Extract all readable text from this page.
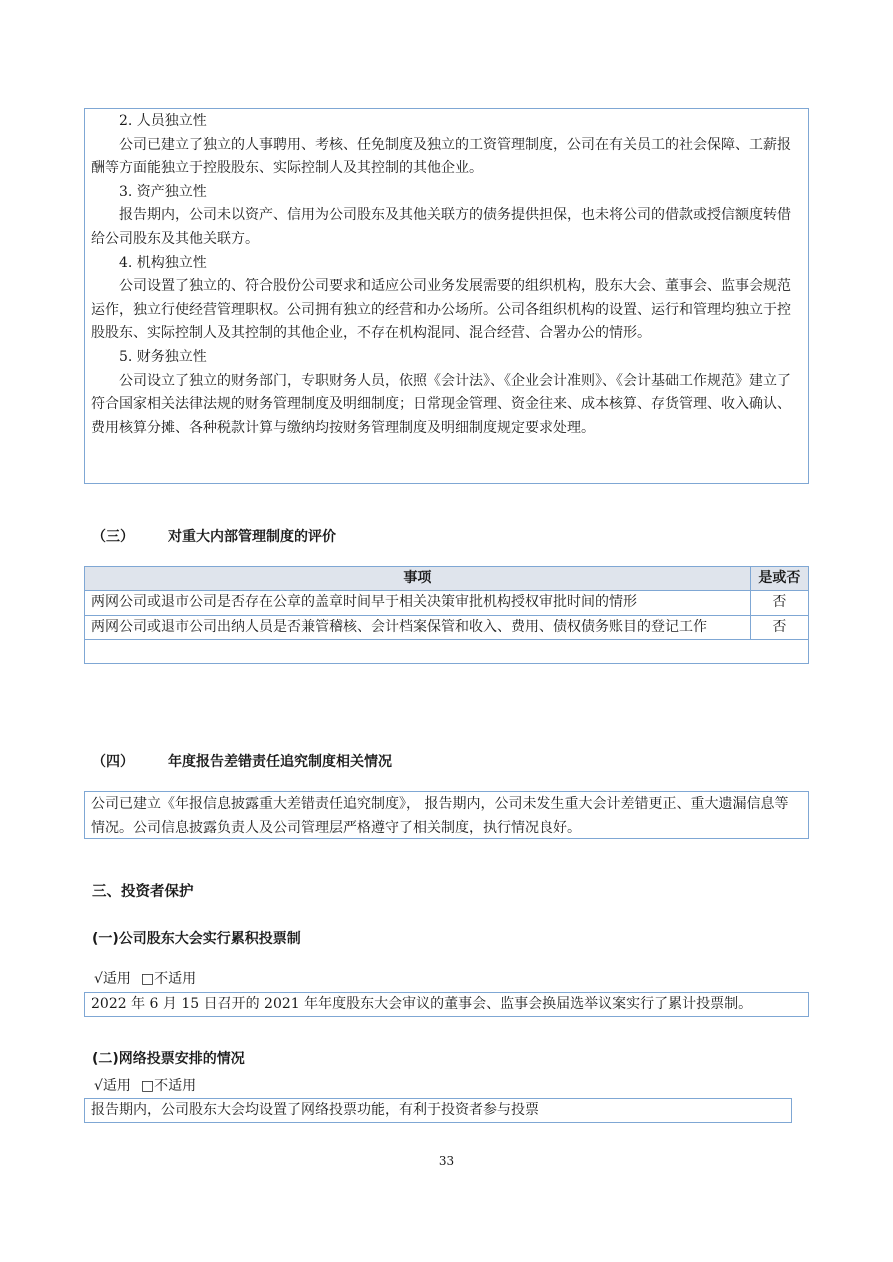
2. 人员独立性

公司已建立了独立的人事聘用、考核、任免制度及独立的工资管理制度，公司在有关员工的社会保障、工薪报酬等方面能独立于控股股东、实际控制人及其控制的其他企业。

3. 资产独立性

报告期内，公司未以资产、信用为公司股东及其他关联方的债务提供担保，也未将公司的借款或授信额度转借给公司股东及其他关联方。

4. 机构独立性

公司设置了独立的、符合股份公司要求和适应公司业务发展需要的组织机构，股东大会、董事会、监事会规范运作，独立行使经营管理职权。公司拥有独立的经营和办公场所。公司各组织机构的设置、运行和管理均独立于控股股东、实际控制人及其控制的其他企业，不存在机构混同、混合经营、合署办公的情形。

5. 财务独立性

公司设立了独立的财务部门，专职财务人员，依照《会计法》、《企业会计准则》、《会计基础工作规范》建立了符合国家相关法律法规的财务管理制度及明细制度；日常现金管理、资金往来、成本核算、存货管理、收入确认、费用核算分摊、各种税款计算与缴纳均按财务管理制度及明细制度规定要求处理。

（三） 对重大内部管理制度的评价
事项	是或否
两网公司或退市公司是否存在公章的盖章时间早于相关决策审批机构授权审批时间的情形	否
两网公司或退市公司出纳人员是否兼管稽核、会计档案保管和收入、费用、债权债务账目的登记工作	否

（四） 年度报告差错责任追究制度相关情况

公司已建立《年报信息披露重大差错责任追究制度》， 报告期内，公司未发生重大会计差错更正、重大遗漏信息等情况。公司信息披露负责人及公司管理层严格遵守了相关制度，执行情况良好。

三、投资者保护
(一)公司股东大会实行累积投票制
√适用 □不适用

2022 年 6 月 15 日召开的 2021 年年度股东大会审议的董事会、监事会换届选举议案实行了累计投票制。

(二)网络投票安排的情况
√适用 □不适用

报告期内，公司股东大会均设置了网络投票功能，有利于投资者参与投票

33
